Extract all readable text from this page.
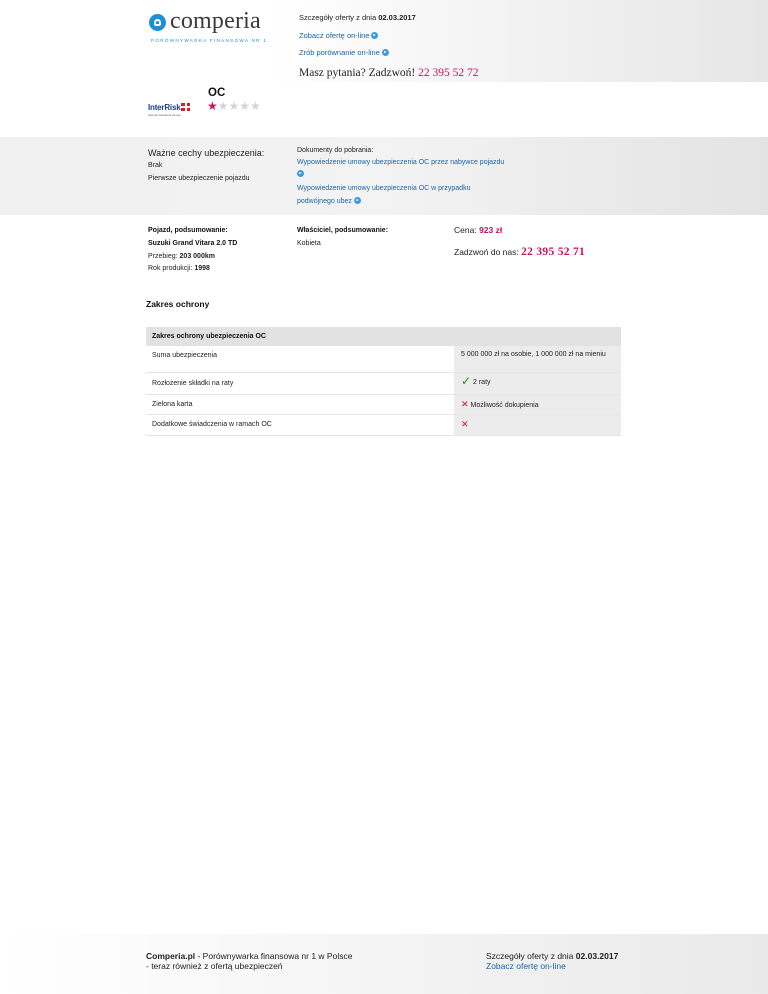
comperia
PORÓWNYWARKA FINANSOWA NR 1
Szczegóły oferty z dnia 02.03.2017
Zobacz ofertę on-line
Zrób porównanie on-line
Masz pytania? Zadzwoń! 22 395 52 72
InterRisk
Vienna Insurance Group
OC
★★★★★
Ważne cechy ubezpieczenia:
Brak
Pierwsze ubezpieczenie pojazdu
Dokumenty do pobrania:
Wypowiedzenie umowy ubezpieczenia OC przez nabywce pojazdu
Wypowiedzenie umowy ubezpieczenia OC w przypadku
podwójnego ubez
Pojazd, podsumowanie:
Suzuki Grand Vitara 2.0 TD
Przebieg: 203 000km
Rok produkcji: 1998
Właściciel, podsumowanie:
Kobieta
Cena: 923 zł
Zadzwoń do nas: 22 395 52 71
Zakres ochrony
Zakres ochrony ubezpieczenia OC
Suma ubezpieczenia	5 000 000 zł na osobie, 1 000 000 zł na mieniu
Rozłożenie składki na raty	✓ 2 raty
Zielona karta	✕ Możliwość dokupienia
Dodatkowe świadczenia w ramach OC	✕
Comperia.pl - Porównywarka finansowa nr 1 w Polsce
- teraz również z ofertą ubezpieczeń
Szczegóły oferty z dnia 02.03.2017
Zobacz ofertę on-line
